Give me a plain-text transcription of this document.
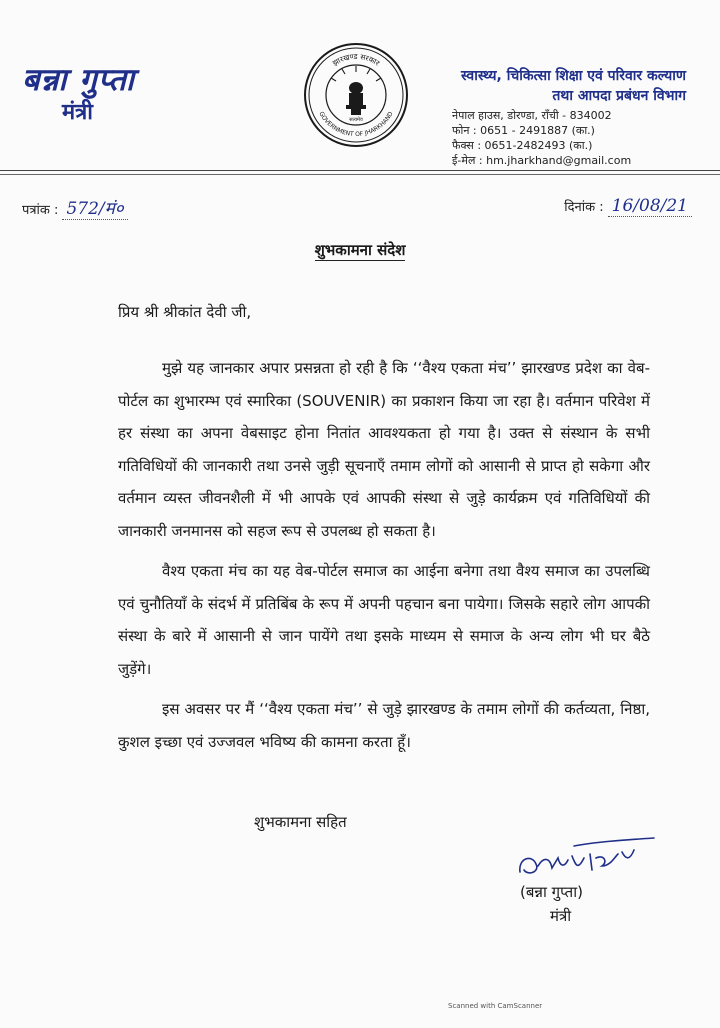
बन्ना गुप्ता
मंत्री	सत्यमेव
झारखण्ड सरकार
GOVERNMENT OF JHARKHAND
स्वास्थ्य, चिकित्सा शिक्षा एवं परिवार कल्याण
तथा आपदा प्रबंधन विभाग
नेपाल हाउस, डोरण्डा, राँची - 834002
फोन : 0651 - 2491887 (का.)
फैक्स : 0651-2482493 (का.)
ई-मेल : hm.jharkhand@gmail.com
पत्रांक : 572/मं०	दिनांक : 16/08/21
शुभकामना संदेश
प्रिय श्री श्रीकांत देवी जी,

मुझे यह जानकार अपार प्रसन्नता हो रही है कि ‘‘वैश्य एकता मंच’’ झारखण्ड प्रदेश का वेब-पोर्टल का शुभारम्भ एवं स्मारिका (SOUVENIR) का प्रकाशन किया जा रहा है। वर्तमान परिवेश में हर संस्था का अपना वेबसाइट होना नितांत आवश्यकता हो गया है। उक्त से संस्थान के सभी गतिविधियों की जानकारी तथा उनसे जुड़ी सूचनाएँ तमाम लोगों को आसानी से प्राप्त हो सकेगा और वर्तमान व्यस्त जीवनशैली में भी आपके एवं आपकी संस्था से जुड़े कार्यक्रम एवं गतिविधियों की जानकारी जनमानस को सहज रूप से उपलब्ध हो सकता है।

वैश्य एकता मंच का यह वेब-पोर्टल समाज का आईना बनेगा तथा वैश्य समाज का उपलब्धि एवं चुनौतियाँ के संदर्भ में प्रतिबिंब के रूप में अपनी पहचान बना पायेगा। जिसके सहारे लोग आपकी संस्था के बारे में आसानी से जान पायेंगे तथा इसके माध्यम से समाज के अन्य लोग भी घर बैठे जुड़ेंगे।

इस अवसर पर मैं ‘‘वैश्य एकता मंच’’ से जुड़े झारखण्ड के तमाम लोगों की कर्तव्यता, निष्ठा, कुशल इच्छा एवं उज्जवल भविष्य की कामना करता हूँ।

शुभकामना सहित
(बन्ना गुप्ता)
मंत्री
Scanned with CamScanner
